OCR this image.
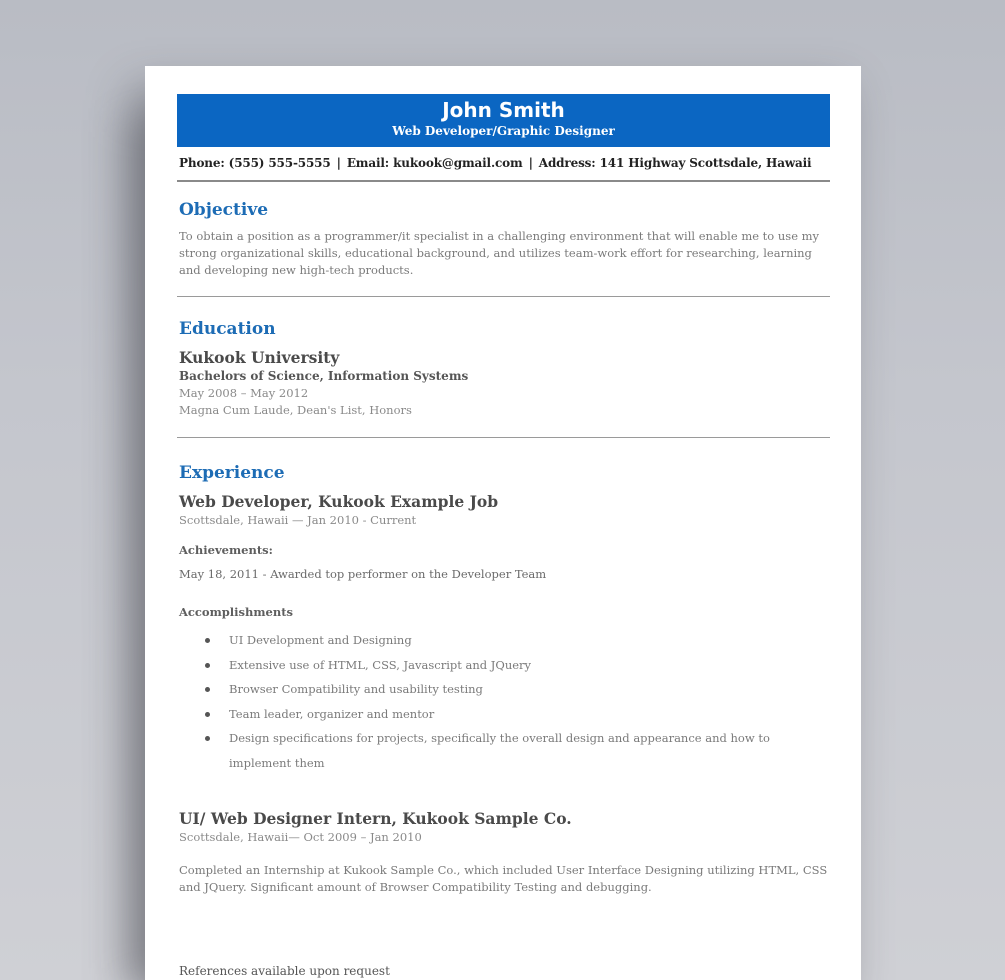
John Smith
Web Developer/Graphic Designer
Phone: (555) 555-5555 | Email: kukook@gmail.com | Address: 141 Highway Scottsdale, Hawaii
Objective
To obtain a position as a programmer/it specialist in a challenging environment that will enable me to use my strong organizational skills, educational background, and utilizes team-work effort for researching, learning and developing new high-tech products.
Education
Kukook University
Bachelors of Science, Information Systems
May 2008 – May 2012
Magna Cum Laude, Dean's List, Honors
Experience
Web Developer, Kukook Example Job
Scottsdale, Hawaii — Jan 2010 - Current
Achievements:
May 18, 2011 - Awarded top performer on the Developer Team
Accomplishments
UI Development and Designing
Extensive use of HTML, CSS, Javascript and JQuery
Browser Compatibility and usability testing
Team leader, organizer and mentor
Design specifications for projects, specifically the overall design and appearance and how to implement them
UI/ Web Designer Intern, Kukook Sample Co.
Scottsdale, Hawaii— Oct 2009 – Jan 2010
Completed an Internship at Kukook Sample Co., which included User Interface Designing utilizing HTML, CSS and JQuery. Significant amount of Browser Compatibility Testing and debugging.
References available upon request
